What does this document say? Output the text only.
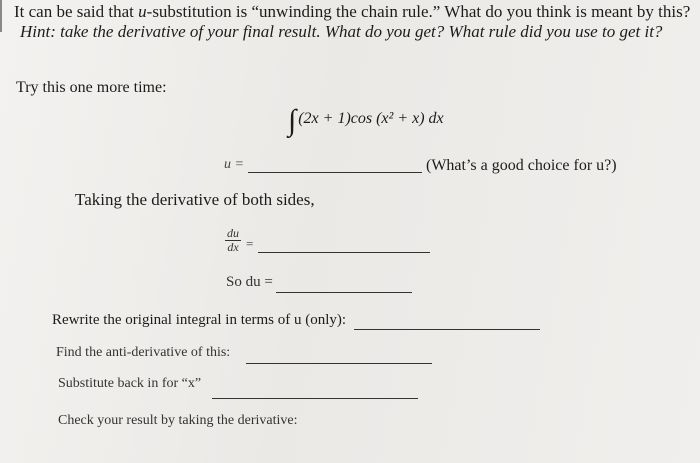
It can be said that u-substitution is “unwinding the chain rule.” What do you think is meant by this?
Hint: take the derivative of your final result. What do you get? What rule did you use to get it?
Try this one more time:
∫ (2x + 1)cos (x² + x) dx
u =	(What’s a good choice for u?)
Taking the derivative of both sides,
$\frac{du}{dx}$ =
So du =
Rewrite the original integral in terms of u (only):
Find the anti-derivative of this:
Substitute back in for “x”
Check your result by taking the derivative:
